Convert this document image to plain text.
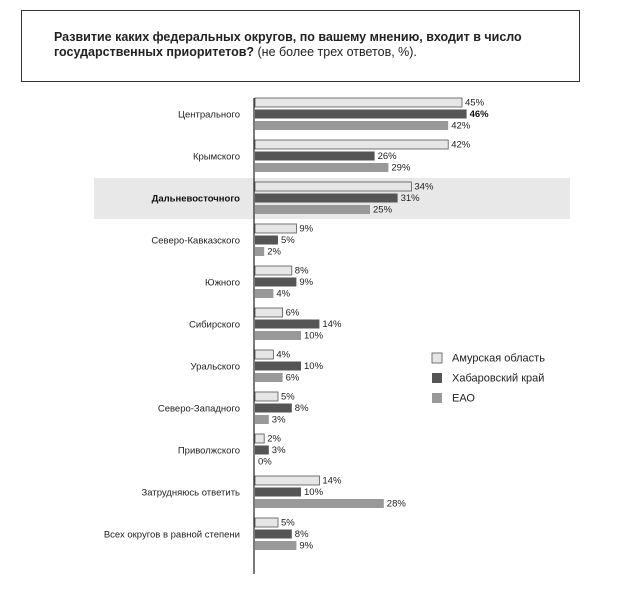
Развитие каких федеральных округов, по вашему мнению, входит в число государственных приоритетов? (не более трех ответов, %).
Центрального
45%
46%
42%
Крымского
42%
26%
29%
Дальневосточного
34%
31%
25%
Северо-Кавказского
9%
5%
2%
Южного
8%
9%
4%
Сибирского
6%
14%
10%
Уральского
4%
10%
6%
Северо-Западного
5%
8%
3%
Приволжского
2%
3%
0%
Затрудняюсь ответить
14%
10%
28%
Всех округов в равной степени
5%
8%
9%
Амурская область
Хабаровский край
ЕАО
